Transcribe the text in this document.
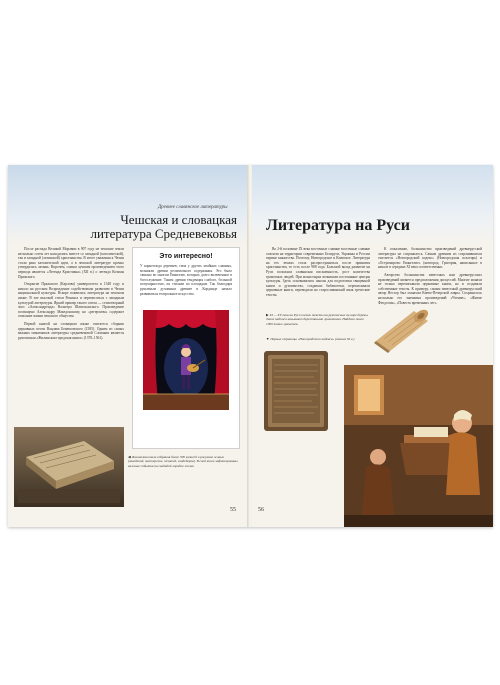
Древнее славянское литературы
Чешская и словацкая
литература Средневековья

После распада Великой Моравии в 907 году не чешские земли несколько сотен лет находились вместе со западной (католической), так и западной (латинской) христианства. В итоге уважения к Чехии стали рано католической идеи, а в чешской литературе прочно утвердилась латынь. Впрочем, самым лучшим произведением этого периода является «Легенда Кристиана» (XII в.) о легенда Козьмы Пражского.

Открытие Пражского (Карлова) университета в 1348 году и начало на русском Возрождение содействовали развитию в Чехии национальной культуры. Вскоре появилась литература на чешском языке. В эпе высокой стихи Романса и переписаться с западным культурой литературы. Яркий пример такого союза — стихотворный эпос «Александреида» Вальтера Шатильонского. Произведение посвящено Александру Македонскому, но «регероизм» содержит описание жизни чешского общества.

Первой книгой на словацком языке считается сборник церковных песен Вацлава Бенешовского (1585). Одним из самых важных памятников литературы средневековой Словакии является рукописная «Жилинская городская книга» (1378–1561).

Это интересно!
У корнеплода деревьев, типа у других хвойных славных, возникли древни религиозного содержания. Это было связано во многом Евангелю, которых долго включенное в богослужение. Таким древни тенденция слабого, большой популярностью, их стиляли по площадям. Так благодаря рушатным духовным древнее в Кординде начало развиваться театральное искусство.
◀Жилинская книга собрания более 300 записей и рисунков живых (заведений, мастерских, печатей, свадеберов). В свой книге зафиксированы важные события на свадьбой городов жизни
55
Литература на Руси

Во 2-й половине IX века восточные славяне восточные славяне освоили на территории современных Беларуси, Украины и России первые княжества. Поэтому, Новгородское и Киевское. Литература на тех землях стала распространяться после принятия христианства, то есть после 988 года. Большой вклад развитие на Руси положила славянская письменность, рост количества грамотных людей. При монастырях возникали постоянные центры культуры. Здесь основывались школы для подготовки священной книги и духовенства, создавали библиотеки, переписывали церковные книги, переводили на старославянский язык греческие тексты.

▶XI — XV века на Руси писали тексты на рукописных на коре березы. Такие надписи называют берестяными грамотами. Найдено около 1000 таких грамотек.
▼Первые страницы «Новгородского кодекса» (начало XI в.)

К сожалению, большинство произведений древнерусской литературы не сохранилось. Самым древним из сохранившихся считается «Новгородский кодекс» (Новгородская псалтирь) и «Остромирово Евангелие» (новгород. Григория, написанное в начале в середине XI века соответственно.

Авторство большинства известных нам древнерусских произведений является предположения дискуссий. Многие монахи не только переписывали церковные книги, но и создавали собственные тексты. К примеру, самым известный древнерусский автор Нестор был монахом Киево-Печерской лавры. Сохранилось несколько его значимых произведений «Чтение», «Житие Феодосия», «Повесть временных лет».

56
